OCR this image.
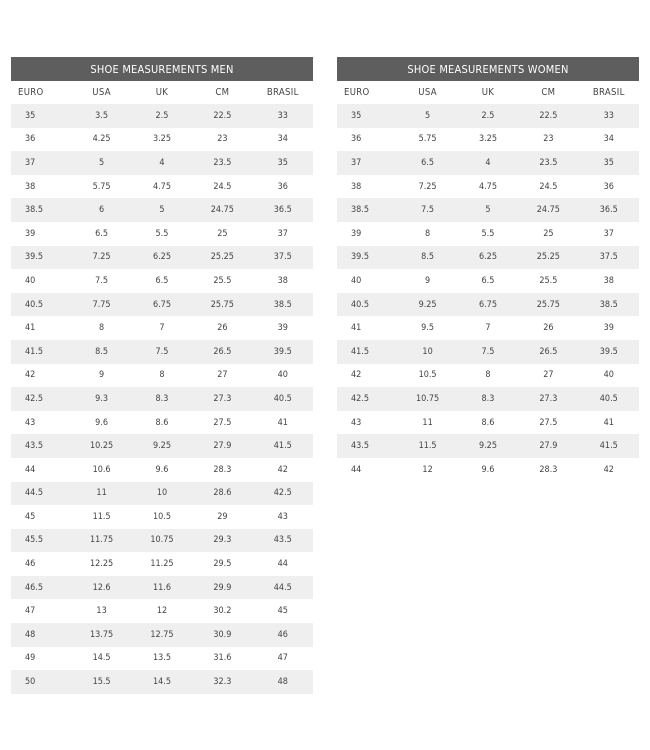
SHOE MEASUREMENTS MEN				
EURO	USA	UK	CM	BRASIL
35	3.5	2.5	22.5	33
36	4.25	3.25	23	34
37	5	4	23.5	35
38	5.75	4.75	24.5	36
38.5	6	5	24.75	36.5
39	6.5	5.5	25	37
39.5	7.25	6.25	25.25	37.5
40	7.5	6.5	25.5	38
40.5	7.75	6.75	25.75	38.5
41	8	7	26	39
41.5	8.5	7.5	26.5	39.5
42	9	8	27	40
42.5	9.3	8.3	27.3	40.5
43	9.6	8.6	27.5	41
43.5	10.25	9.25	27.9	41.5
44	10.6	9.6	28.3	42
44.5	11	10	28.6	42.5
45	11.5	10.5	29	43
45.5	11.75	10.75	29.3	43.5
46	12.25	11.25	29.5	44
46.5	12.6	11.6	29.9	44.5
47	13	12	30.2	45
48	13.75	12.75	30.9	46
49	14.5	13.5	31.6	47
50	15.5	14.5	32.3	48
SHOE MEASUREMENTS WOMEN				
EURO	USA	UK	CM	BRASIL
35	5	2.5	22.5	33
36	5.75	3.25	23	34
37	6.5	4	23.5	35
38	7.25	4.75	24.5	36
38.5	7.5	5	24.75	36.5
39	8	5.5	25	37
39.5	8.5	6.25	25.25	37.5
40	9	6.5	25.5	38
40.5	9.25	6.75	25.75	38.5
41	9.5	7	26	39
41.5	10	7.5	26.5	39.5
42	10.5	8	27	40
42.5	10.75	8.3	27.3	40.5
43	11	8.6	27.5	41
43.5	11.5	9.25	27.9	41.5
44	12	9.6	28.3	42
